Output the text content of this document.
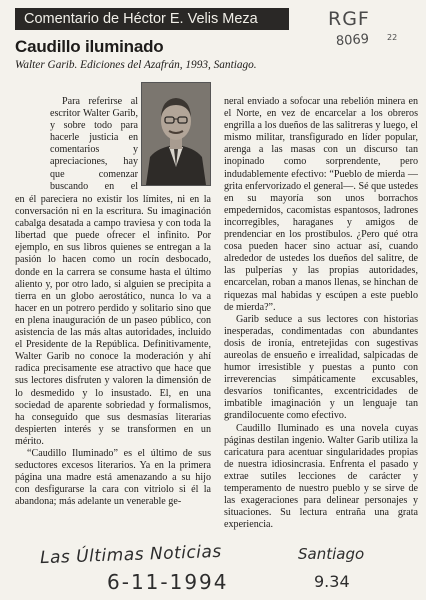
Comentario de Héctor E. Velis Meza
Caudillo iluminado
Walter Garib. Ediciones del Azafrán, 1993, Santiago.
RGF
8069 22

Para referirse al escritor Walter Garib, y sobre todo para hacerle justicia en comentarios y apreciaciones, hay que comenzar buscando en el

en él pareciera no existir los límites, ni en la conversación ni en la escritura. Su imaginación cabalga desatada a campo traviesa y con toda la libertad que puede ofrecer el infinito. Por ejemplo, en sus libros quienes se entregan a la pasión lo hacen como un rocín desbocado, donde en la carrera se consume hasta el último aliento y, por otro lado, si alguien se precipita a tierra en un globo aerostático, nunca lo va a hacer en un potrero perdido y solitario sino que en plena inauguración de un paseo público, con asistencia de las más altas autoridades, incluido el Presidente de la República. Definitivamente, Walter Garib no conoce la moderación y ahí radica precisamente ese atractivo que hace que sus lectores disfruten y valoren la dimensión de lo desmedido y lo insustado. El, en una sociedad de aparente sobriedad y formalismos, ha conseguido que sus desmasías literarias despierten interés y se transformen en un mérito.

“Caudillo Iluminado” es el último de sus seductores excesos literarios. Ya en la primera página una madre está amenazando a su hijo con desfigurarse la cara con vitriolo si él la abandona; más adelante un venerable ge-

neral enviado a sofocar una rebelión minera en el Norte, en vez de encarcelar a los obreros engrilla a los dueños de las salitreras y luego, el mismo militar, transfigurado en líder popular, arenga a las masas con un discurso tan inopinado como sorprendente, pero indudablemente efectivo: “Pueblo de mierda —grita enfervorizado el general—. Sé que ustedes en su mayoría son unos borrachos empedernidos, cacomistas espantosos, ladrones incorregibles, haraganes y amigos de prendenciar en los prostíbulos. ¿Pero qué otra cosa pueden hacer sino actuar así, cuando alrededor de ustedes los dueños del salitre, de las pulperías y las propias autoridades, encarcelan, roban a manos llenas, se hinchan de riquezas mal habidas y escúpen a este pueblo de mierda?”.

Garib seduce a sus lectores con historias inesperadas, condimentadas con abundantes dosis de ironía, entretejidas con sugestivas aureolas de ensueño e irrealidad, salpicadas de humor irresistible y puestas a punto con irreverencias simpáticamente excusables, desvaríos tonificantes, excentricidades de imbatible imaginación y un lenguaje tan grandilocuente como efectivo.

Caudillo Iluminado es una novela cuyas páginas destilan ingenio. Walter Garib utiliza la caricatura para acentuar singularidades propias de nuestra idiosincrasia. Enfrenta el pasado y extrae sutiles lecciones de carácter y temperamento de nuestro pueblo y se sirve de las exageraciones para delinear personajes y situaciones. Su lectura entraña una grata experiencia.

Las Últimas Noticias	Santiago
6-11-1994	9.34
